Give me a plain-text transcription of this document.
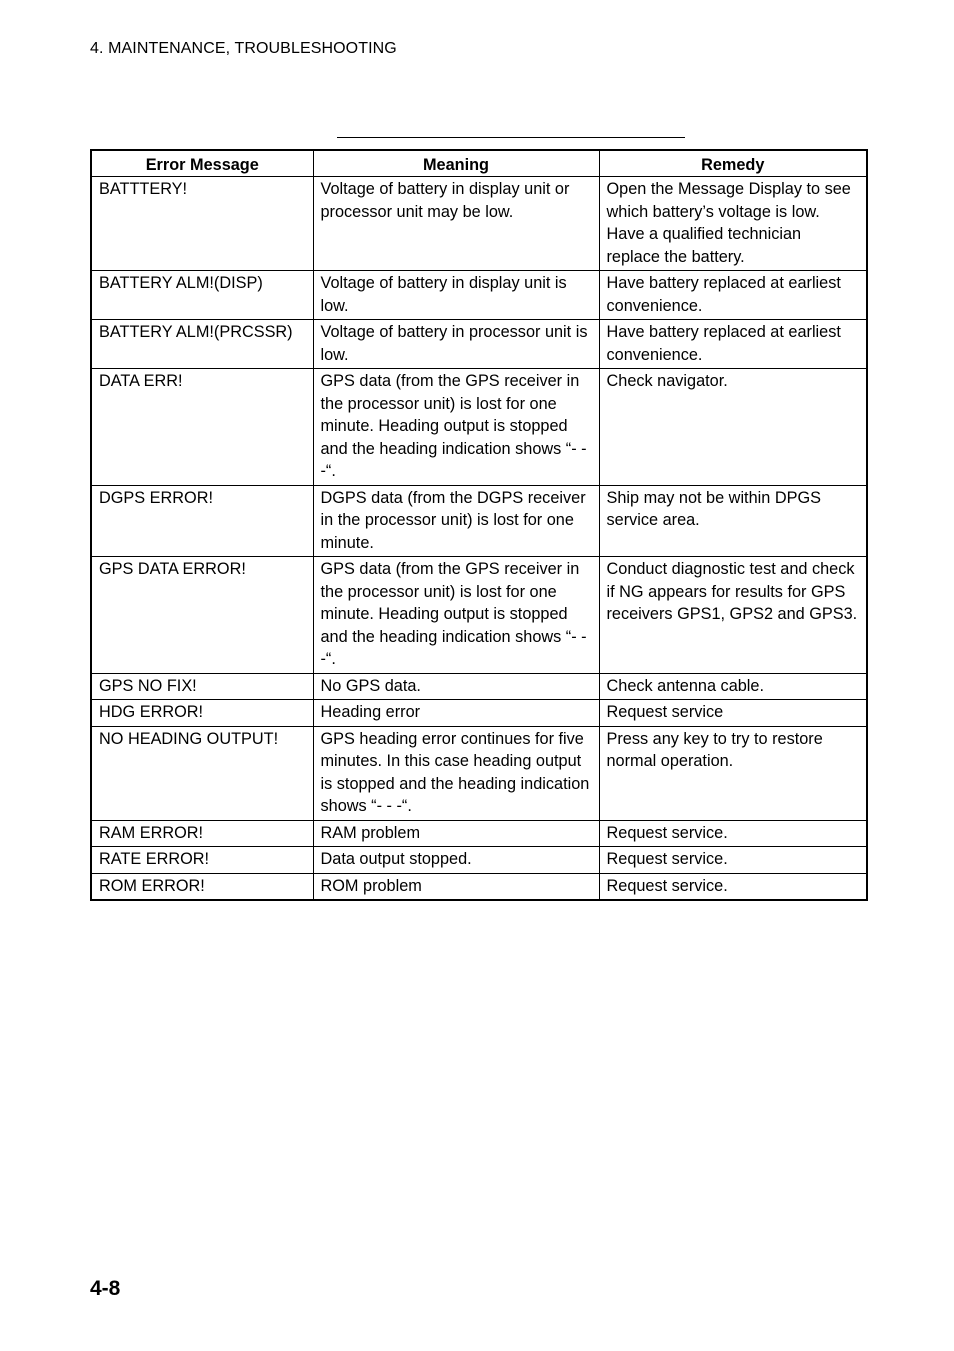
4. MAINTENANCE, TROUBLESHOOTING
Error Message	Meaning	Remedy
BATTTERY!	Voltage of battery in display unit or processor unit may be low.	Open the Message Display to see which battery’s voltage is low. Have a qualified technician replace the battery.
BATTERY ALM!(DISP)	Voltage of battery in display unit is low.	Have battery replaced at earliest convenience.
BATTERY ALM!(PRCSSR)	Voltage of battery in processor unit is low.	Have battery replaced at earliest convenience.
DATA ERR!	GPS data (from the GPS receiver in the processor unit) is lost for one minute. Heading output is stopped and the heading indication shows “- - -“.	Check navigator.
DGPS ERROR!	DGPS data (from the DGPS receiver in the processor unit) is lost for one minute.	Ship may not be within DPGS service area.
GPS DATA ERROR!	GPS data (from the GPS receiver in the processor unit) is lost for one minute. Heading output is stopped and the heading indication shows “- - -“.	Conduct diagnostic test and check if NG appears for results for GPS receivers GPS1, GPS2 and GPS3.
GPS NO FIX!	No GPS data.	Check antenna cable.
HDG ERROR!	Heading error	Request service
NO HEADING OUTPUT!	GPS heading error continues for five minutes. In this case heading output is stopped and the heading indication shows “- - -“.	Press any key to try to restore normal operation.
RAM ERROR!	RAM problem	Request service.
RATE ERROR!	Data output stopped.	Request service.
ROM ERROR!	ROM problem	Request service.
4-8
